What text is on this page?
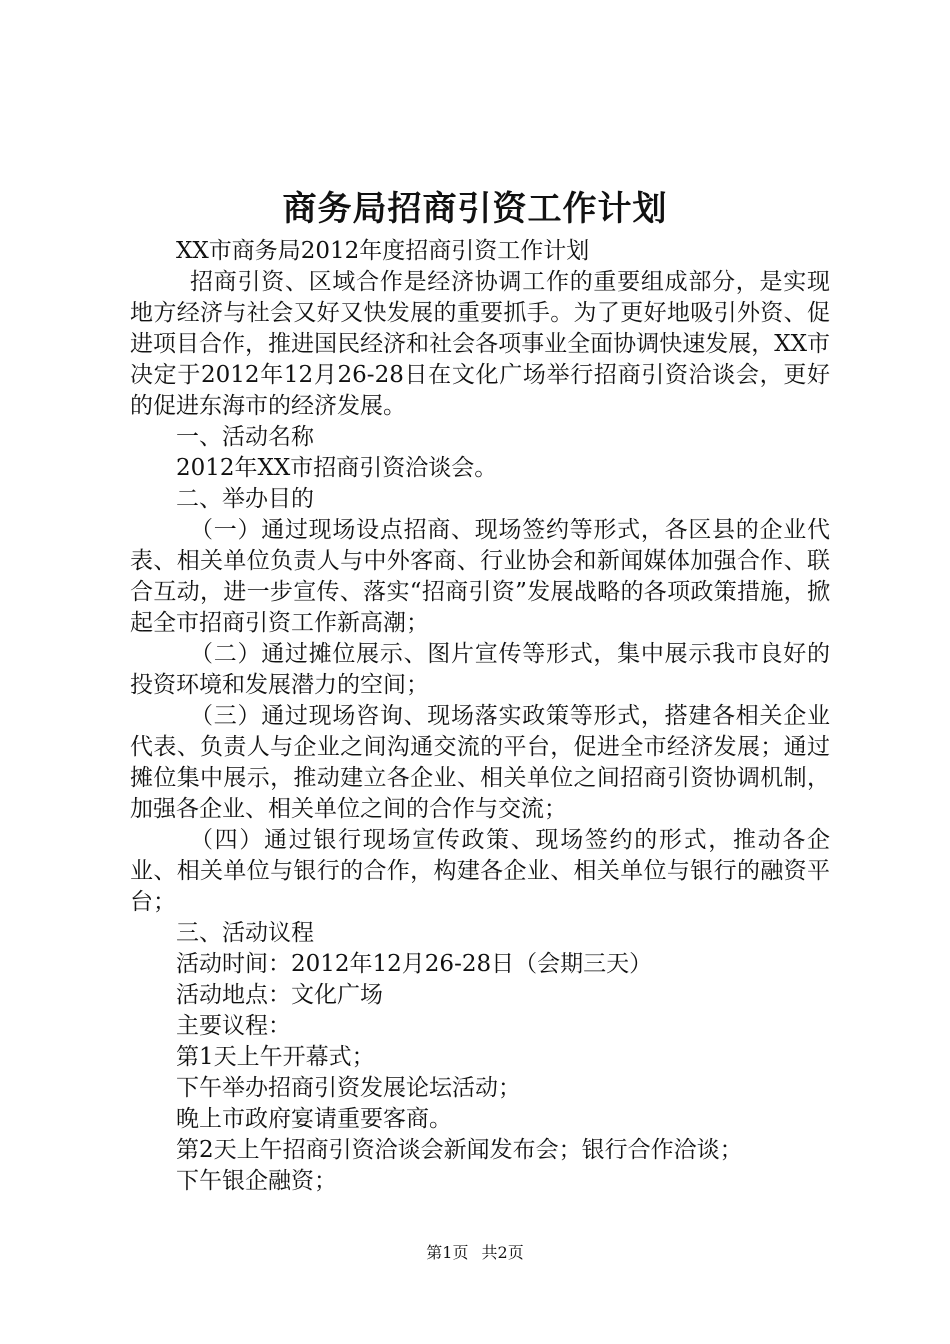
商务局招商引资工作计划

XX市商务局2012年度招商引资工作计划

招商引资、区域合作是经济协调工作的重要组成部分，是实现地方经济与社会又好又快发展的重要抓手。为了更好地吸引外资、促进项目合作，推进国民经济和社会各项事业全面协调快速发展，XX市决定于2012年12月26-28日在文化广场举行招商引资洽谈会，更好的促进东海市的经济发展。

一、活动名称

2012年XX市招商引资洽谈会。

二、举办目的

（一）通过现场设点招商、现场签约等形式，各区县的企业代表、相关单位负责人与中外客商、行业协会和新闻媒体加强合作、联合互动，进一步宣传、落实“招商引资”发展战略的各项政策措施，掀起全市招商引资工作新高潮；

（二）通过摊位展示、图片宣传等形式，集中展示我市良好的投资环境和发展潜力的空间；

（三）通过现场咨询、现场落实政策等形式，搭建各相关企业代表、负责人与企业之间沟通交流的平台，促进全市经济发展；通过摊位集中展示，推动建立各企业、相关单位之间招商引资协调机制，加强各企业、相关单位之间的合作与交流；

（四）通过银行现场宣传政策、现场签约的形式，推动各企业、相关单位与银行的合作，构建各企业、相关单位与银行的融资平台；

三、活动议程

活动时间：2012年12月26-28日（会期三天）

活动地点：文化广场

主要议程：

第1天上午开幕式；

下午举办招商引资发展论坛活动；

晚上市政府宴请重要客商。

第2天上午招商引资洽谈会新闻发布会；银行合作洽谈；

下午银企融资；

第1页 共2页
